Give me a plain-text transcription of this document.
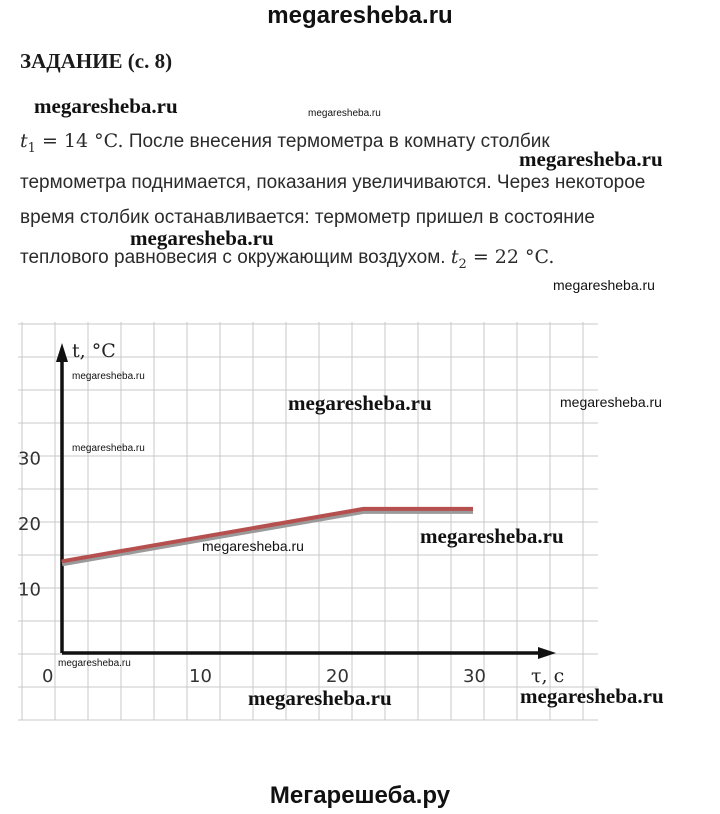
megaresheba.ru
ЗАДАНИЕ (с. 8)
megaresheba.ru	megaresheba.ru
$t_1 = 14$ °C. После внесения термометра в комнату столбик
megaresheba.ru
термометра поднимается, показания увеличиваются. Через некоторое
время столбик останавливается: термометр пришел в состояние
megaresheba.ru
теплового равновесия с окружающим воздухом. $t_2 = 22$ °C.
megaresheba.ru
10
20
30
0	10	20	30
t, °C
τ, с
megaresheba.ru
megaresheba.ru
megaresheba.ru	megaresheba.ru
megaresheba.ru
megaresheba.ru
megaresheba.ru
megaresheba.ru	megaresheba.ru
Мегарешеба.ру
